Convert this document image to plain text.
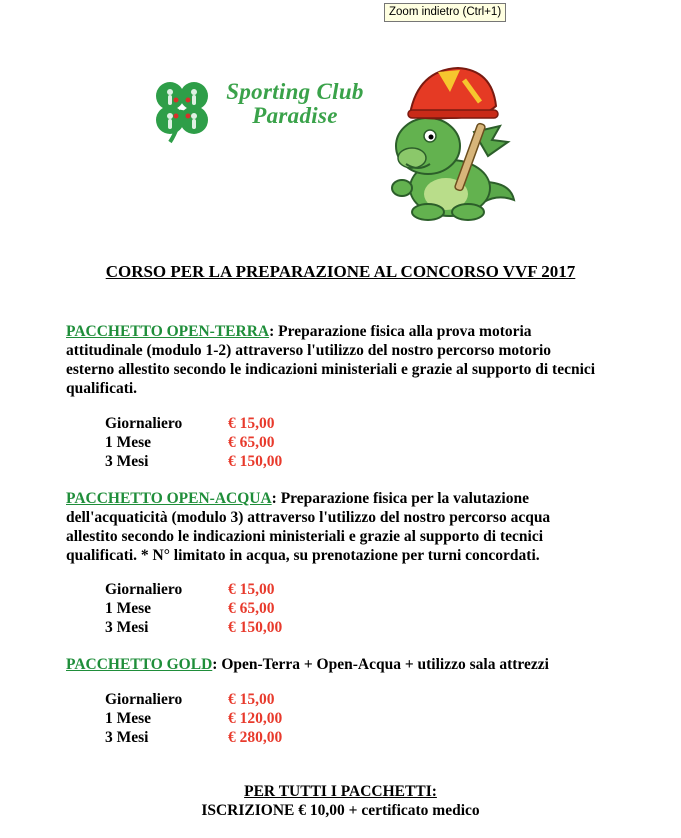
Zoom indietro (Ctrl+1)
Sporting Club
Paradise
CORSO PER LA PREPARAZIONE AL CONCORSO VVF 2017
PACCHETTO OPEN-TERRA: Preparazione fisica alla prova motoria
attitudinale (modulo 1-2) attraverso l'utilizzo del nostro percorso motorio
esterno allestito secondo le indicazioni ministeriali e grazie al supporto di tecnici
qualificati.
Giornaliero	€ 15,00
1 Mese	€ 65,00
3 Mesi	€ 150,00
PACCHETTO OPEN-ACQUA: Preparazione fisica per la valutazione
dell'acquaticità (modulo 3) attraverso l'utilizzo del nostro percorso acqua
allestito secondo le indicazioni ministeriali e grazie al supporto di tecnici
qualificati. * N° limitato in acqua, su prenotazione per turni concordati.
Giornaliero	€ 15,00
1 Mese	€ 65,00
3 Mesi	€ 150,00
PACCHETTO GOLD: Open-Terra + Open-Acqua + utilizzo sala attrezzi
Giornaliero	€ 15,00
1 Mese	€ 120,00
3 Mesi	€ 280,00
PER TUTTI I PACCHETTI:
ISCRIZIONE € 10,00 + certificato medico
